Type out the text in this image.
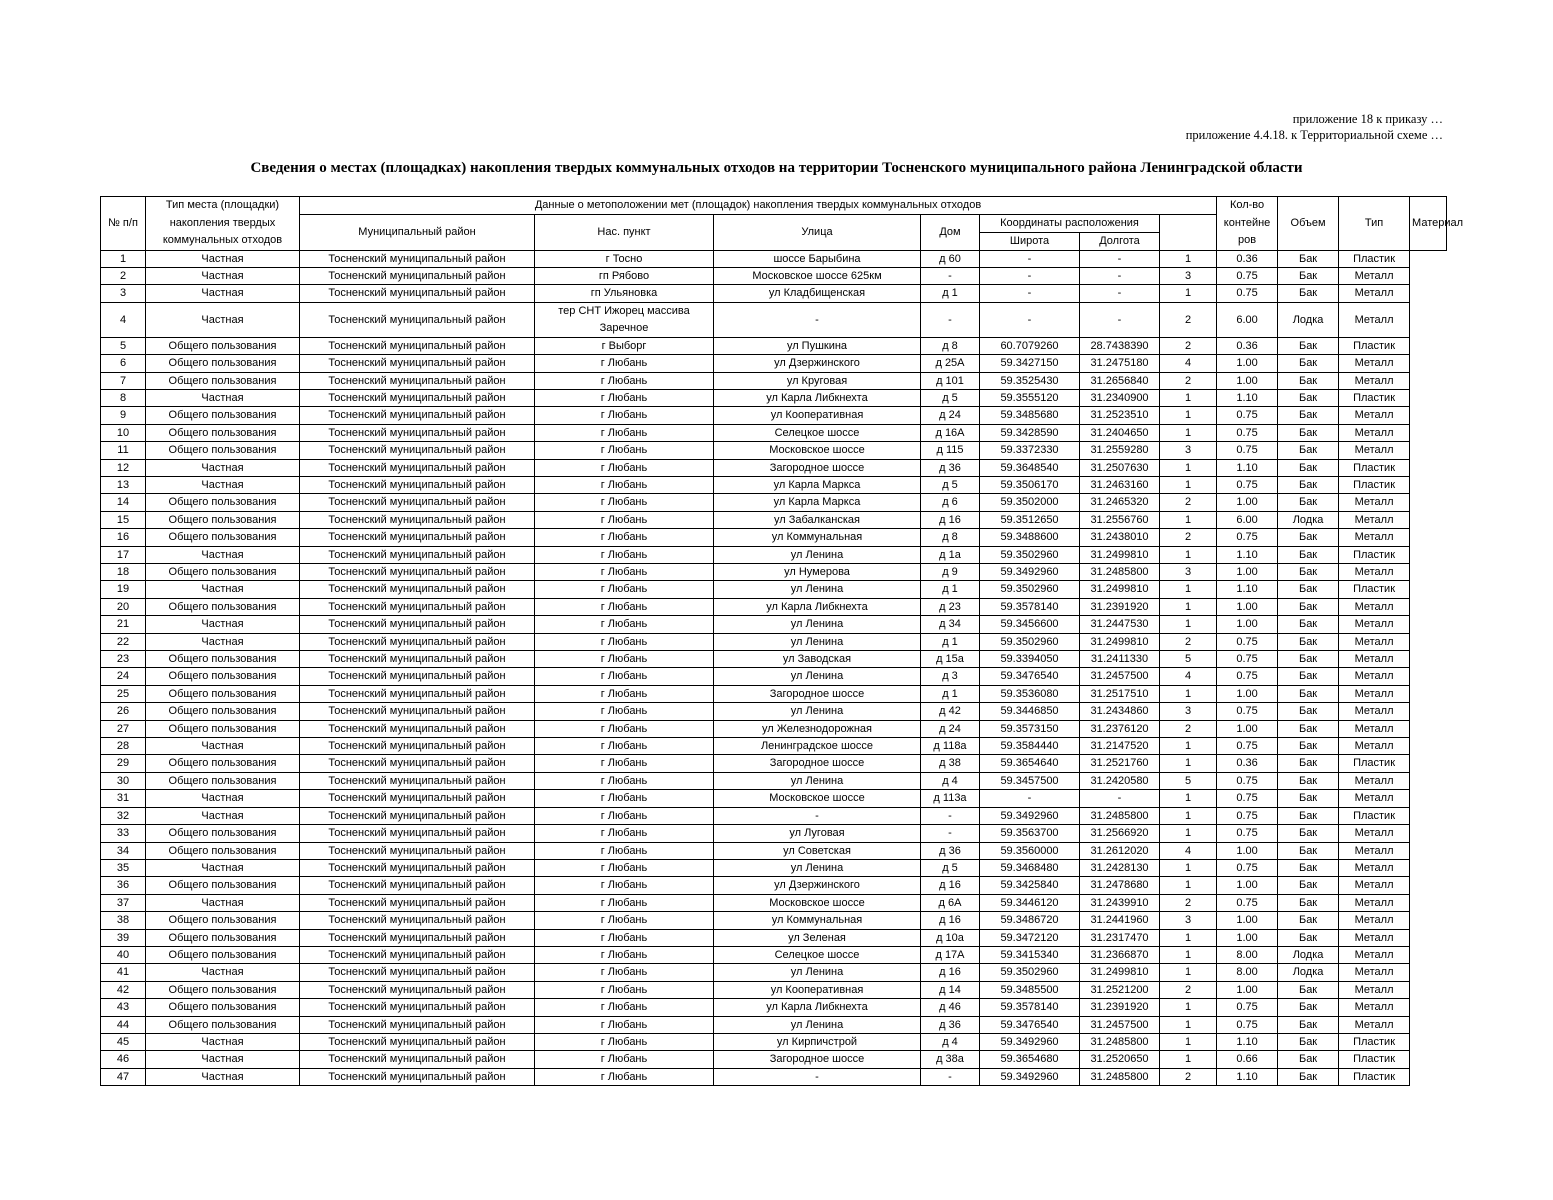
приложение 18 к приказу …
приложение 4.4.18. к Территориальной схеме …
Сведения о местах (площадках) накопления твердых коммунальных отходов на территории Тосненского муниципального района Ленинградской области
№ п/п	Тип места (площадки) накопления твердых коммунальных отходов	Данные о метоположении мет (площадок) накопления твердых коммунальных отходов							Кол-во контейне ров	Объем	Тип	Материал
		Муниципальный район	Нас. пункт	Улица	Дом	Координаты расположения						
						Широта	Долгота					
1	Частная	Тосненский муниципальный район	г Тосно	шоссе Барыбина	д 60	-	-	1	0.36	Бак	Пластик	
2	Частная	Тосненский муниципальный район	гп Рябово	Московское шоссе 625км	-	-	-	3	0.75	Бак	Металл	
3	Частная	Тосненский муниципальный район	гп Ульяновка	ул Кладбищенская	д 1	-	-	1	0.75	Бак	Металл	
4	Частная	Тосненский муниципальный район	тер СНТ Ижорец массива Заречное	-	-	-	-	2	6.00	Лодка	Металл	
5	Общего пользования	Тосненский муниципальный район	г Выборг	ул Пушкина	д 8	60.7079260	28.7438390	2	0.36	Бак	Пластик	
6	Общего пользования	Тосненский муниципальный район	г Любань	ул Дзержинского	д 25А	59.3427150	31.2475180	4	1.00	Бак	Металл	
7	Общего пользования	Тосненский муниципальный район	г Любань	ул Круговая	д 101	59.3525430	31.2656840	2	1.00	Бак	Металл	
8	Частная	Тосненский муниципальный район	г Любань	ул Карла Либкнехта	д 5	59.3555120	31.2340900	1	1.10	Бак	Пластик	
9	Общего пользования	Тосненский муниципальный район	г Любань	ул Кооперативная	д 24	59.3485680	31.2523510	1	0.75	Бак	Металл	
10	Общего пользования	Тосненский муниципальный район	г Любань	Селецкое шоссе	д 16А	59.3428590	31.2404650	1	0.75	Бак	Металл	
11	Общего пользования	Тосненский муниципальный район	г Любань	Московское шоссе	д 115	59.3372330	31.2559280	3	0.75	Бак	Металл	
12	Частная	Тосненский муниципальный район	г Любань	Загородное шоссе	д 36	59.3648540	31.2507630	1	1.10	Бак	Пластик	
13	Частная	Тосненский муниципальный район	г Любань	ул Карла Маркса	д 5	59.3506170	31.2463160	1	0.75	Бак	Пластик	
14	Общего пользования	Тосненский муниципальный район	г Любань	ул Карла Маркса	д 6	59.3502000	31.2465320	2	1.00	Бак	Металл	
15	Общего пользования	Тосненский муниципальный район	г Любань	ул Забалканская	д 16	59.3512650	31.2556760	1	6.00	Лодка	Металл	
16	Общего пользования	Тосненский муниципальный район	г Любань	ул Коммунальная	д 8	59.3488600	31.2438010	2	0.75	Бак	Металл	
17	Частная	Тосненский муниципальный район	г Любань	ул Ленина	д 1а	59.3502960	31.2499810	1	1.10	Бак	Пластик	
18	Общего пользования	Тосненский муниципальный район	г Любань	ул Нумерова	д 9	59.3492960	31.2485800	3	1.00	Бак	Металл	
19	Частная	Тосненский муниципальный район	г Любань	ул Ленина	д 1	59.3502960	31.2499810	1	1.10	Бак	Пластик	
20	Общего пользования	Тосненский муниципальный район	г Любань	ул Карла Либкнехта	д 23	59.3578140	31.2391920	1	1.00	Бак	Металл	
21	Частная	Тосненский муниципальный район	г Любань	ул Ленина	д 34	59.3456600	31.2447530	1	1.00	Бак	Металл	
22	Частная	Тосненский муниципальный район	г Любань	ул Ленина	д 1	59.3502960	31.2499810	2	0.75	Бак	Металл	
23	Общего пользования	Тосненский муниципальный район	г Любань	ул Заводская	д 15а	59.3394050	31.2411330	5	0.75	Бак	Металл	
24	Общего пользования	Тосненский муниципальный район	г Любань	ул Ленина	д 3	59.3476540	31.2457500	4	0.75	Бак	Металл	
25	Общего пользования	Тосненский муниципальный район	г Любань	Загородное шоссе	д 1	59.3536080	31.2517510	1	1.00	Бак	Металл	
26	Общего пользования	Тосненский муниципальный район	г Любань	ул Ленина	д 42	59.3446850	31.2434860	3	0.75	Бак	Металл	
27	Общего пользования	Тосненский муниципальный район	г Любань	ул Железнодорожная	д 24	59.3573150	31.2376120	2	1.00	Бак	Металл	
28	Частная	Тосненский муниципальный район	г Любань	Ленинградское шоссе	д 118а	59.3584440	31.2147520	1	0.75	Бак	Металл	
29	Общего пользования	Тосненский муниципальный район	г Любань	Загородное шоссе	д 38	59.3654640	31.2521760	1	0.36	Бак	Пластик	
30	Общего пользования	Тосненский муниципальный район	г Любань	ул Ленина	д 4	59.3457500	31.2420580	5	0.75	Бак	Металл	
31	Частная	Тосненский муниципальный район	г Любань	Московское шоссе	д 113а	-	-	1	0.75	Бак	Металл	
32	Частная	Тосненский муниципальный район	г Любань	-	-	59.3492960	31.2485800	1	0.75	Бак	Пластик	
33	Общего пользования	Тосненский муниципальный район	г Любань	ул Луговая	-	59.3563700	31.2566920	1	0.75	Бак	Металл	
34	Общего пользования	Тосненский муниципальный район	г Любань	ул Советская	д 36	59.3560000	31.2612020	4	1.00	Бак	Металл	
35	Частная	Тосненский муниципальный район	г Любань	ул Ленина	д 5	59.3468480	31.2428130	1	0.75	Бак	Металл	
36	Общего пользования	Тосненский муниципальный район	г Любань	ул Дзержинского	д 16	59.3425840	31.2478680	1	1.00	Бак	Металл	
37	Частная	Тосненский муниципальный район	г Любань	Московское шоссе	д 6А	59.3446120	31.2439910	2	0.75	Бак	Металл	
38	Общего пользования	Тосненский муниципальный район	г Любань	ул Коммунальная	д 16	59.3486720	31.2441960	3	1.00	Бак	Металл	
39	Общего пользования	Тосненский муниципальный район	г Любань	ул Зеленая	д 10а	59.3472120	31.2317470	1	1.00	Бак	Металл	
40	Общего пользования	Тосненский муниципальный район	г Любань	Селецкое шоссе	д 17А	59.3415340	31.2366870	1	8.00	Лодка	Металл	
41	Частная	Тосненский муниципальный район	г Любань	ул Ленина	д 16	59.3502960	31.2499810	1	8.00	Лодка	Металл	
42	Общего пользования	Тосненский муниципальный район	г Любань	ул Кооперативная	д 14	59.3485500	31.2521200	2	1.00	Бак	Металл	
43	Общего пользования	Тосненский муниципальный район	г Любань	ул Карла Либкнехта	д 46	59.3578140	31.2391920	1	0.75	Бак	Металл	
44	Общего пользования	Тосненский муниципальный район	г Любань	ул Ленина	д 36	59.3476540	31.2457500	1	0.75	Бак	Металл	
45	Частная	Тосненский муниципальный район	г Любань	ул Кирпичстрой	д 4	59.3492960	31.2485800	1	1.10	Бак	Пластик	
46	Частная	Тосненский муниципальный район	г Любань	Загородное шоссе	д 38а	59.3654680	31.2520650	1	0.66	Бак	Пластик	
47	Частная	Тосненский муниципальный район	г Любань	-	-	59.3492960	31.2485800	2	1.10	Бак	Пластик	
